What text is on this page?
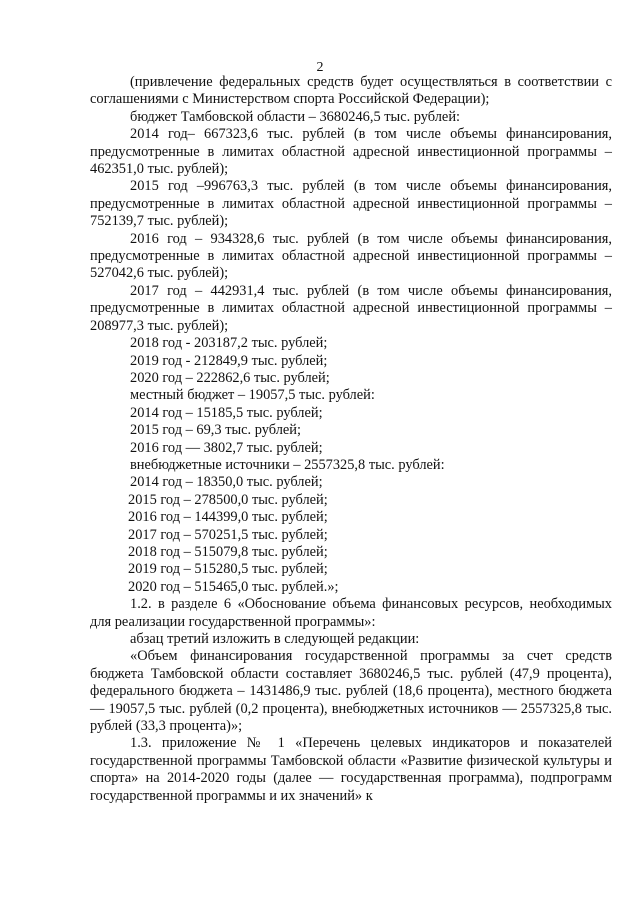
2

(привлечение федеральных средств будет осуществляться в соответствии с соглашениями с Министерством спорта Российской Федерации);

бюджет Тамбовской области – 3680246,5 тыс. рублей:

2014 год– 667323,6 тыс. рублей (в том числе объемы финансирования, предусмотренные в лимитах областной адресной инвестиционной программы – 462351,0 тыс. рублей);

2015 год –996763,3 тыс. рублей (в том числе объемы финансирования, предусмотренные в лимитах областной адресной инвестиционной программы – 752139,7 тыс. рублей);

2016 год – 934328,6 тыс. рублей (в том числе объемы финансирования, предусмотренные в лимитах областной адресной инвестиционной программы – 527042,6 тыс. рублей);

2017 год – 442931,4 тыс. рублей (в том числе объемы финансирования, предусмотренные в лимитах областной адресной инвестиционной программы – 208977,3 тыс. рублей);

2018 год - 203187,2 тыс. рублей;

2019 год - 212849,9 тыс. рублей;

2020 год – 222862,6 тыс. рублей;

местный бюджет – 19057,5 тыс. рублей:

2014 год – 15185,5 тыс. рублей;

2015 год – 69,3 тыс. рублей;

2016 год — 3802,7 тыс. рублей;

внебюджетные источники – 2557325,8 тыс. рублей:

2014 год – 18350,0 тыс. рублей;

2015 год – 278500,0 тыс. рублей;

2016 год – 144399,0 тыс. рублей;

2017 год – 570251,5 тыс. рублей;

2018 год – 515079,8 тыс. рублей;

2019 год – 515280,5 тыс. рублей;

2020 год – 515465,0 тыс. рублей.»;

1.2. в разделе 6 «Обоснование объема финансовых ресурсов, необходимых для реализации государственной программы»:

абзац третий изложить в следующей редакции:

«Объем финансирования государственной программы за счет средств бюджета Тамбовской области составляет 3680246,5 тыс. рублей (47,9 процента), федерального бюджета – 1431486,9 тыс. рублей (18,6 процента), местного бюджета — 19057,5 тыс. рублей (0,2 процента), внебюджетных источников — 2557325,8 тыс. рублей (33,3 процента)»;

1.3. приложение № 1 «Перечень целевых индикаторов и показателей государственной программы Тамбовской области «Развитие физической культуры и спорта» на 2014-2020 годы (далее — государственная программа), подпрограмм государственной программы и их значений» к
